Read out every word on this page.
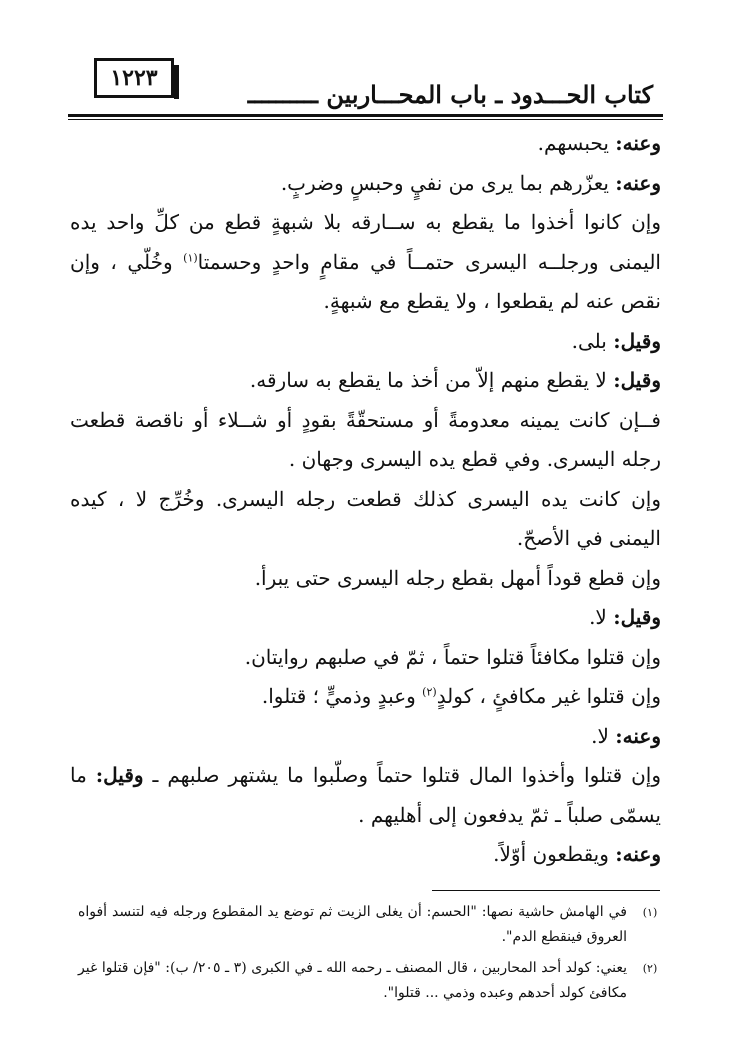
١٢٢٣
كتاب الحـــدود ـ باب المحـــاربين ــــــــــ

وعنه: يحبسهم.

وعنه: يعزّرهم بما يرى من نفيٍ وحبسٍ وضربٍ.

وإن كانوا أخذوا ما يقطع به ســارقه بلا شبهةٍ قطع من كلِّ واحد يده اليمنى ورجلــه اليسرى حتمــاً في مقامٍ واحدٍ وحسمتا$^{(١)}$ وخُلّي ، وإن نقص عنه لم يقطعوا ، ولا يقطع مع شبهةٍ.

وقيل: بلى.

وقيل: لا يقطع منهم إلاّ من أخذ ما يقطع به سارقه.

فــإن كانت يمينه معدومةً أو مستحقّةً بقودٍ أو شــلاء أو ناقصة قطعت رجله اليسرى. وفي قطع يده اليسرى وجهان .

وإن كانت يده اليسرى كذلك قطعت رجله اليسرى. وخُرِّج لا ، كيده اليمنى في الأصحّ.

وإن قطع قوداً أمهل بقطع رجله اليسرى حتى يبرأ.

وقيل: لا.

وإن قتلوا مكافئاً قتلوا حتماً ، ثمّ في صلبهم روايتان.

وإن قتلوا غير مكافئٍ ، كولدٍ$^{(٢)}$ وعبدٍ وذميٍّ ؛ قتلوا.

وعنه: لا.

وإن قتلوا وأخذوا المال قتلوا حتماً وصلّبوا ما يشتهر صلبهم ـ وقيل: ما يسمّى صلباً ـ ثمّ يدفعون إلى أهليهم .

وعنه: ويقطعون أوّلاً.

(١)
في الهامش حاشية نصها: "الحسم: أن يغلى الزيت ثم توضع يد المقطوع ورجله فيه لتنسد أفواه العروق فينقطع الدم".
(٢)
يعني: كولد أحد المحاربين ، قال المصنف ـ رحمه الله ـ في الكبرى (٣ ـ ٢٠٥/ ب): "فإن قتلوا غير مكافئ كولد أحدهم وعبده وذمي ... قتلوا".
